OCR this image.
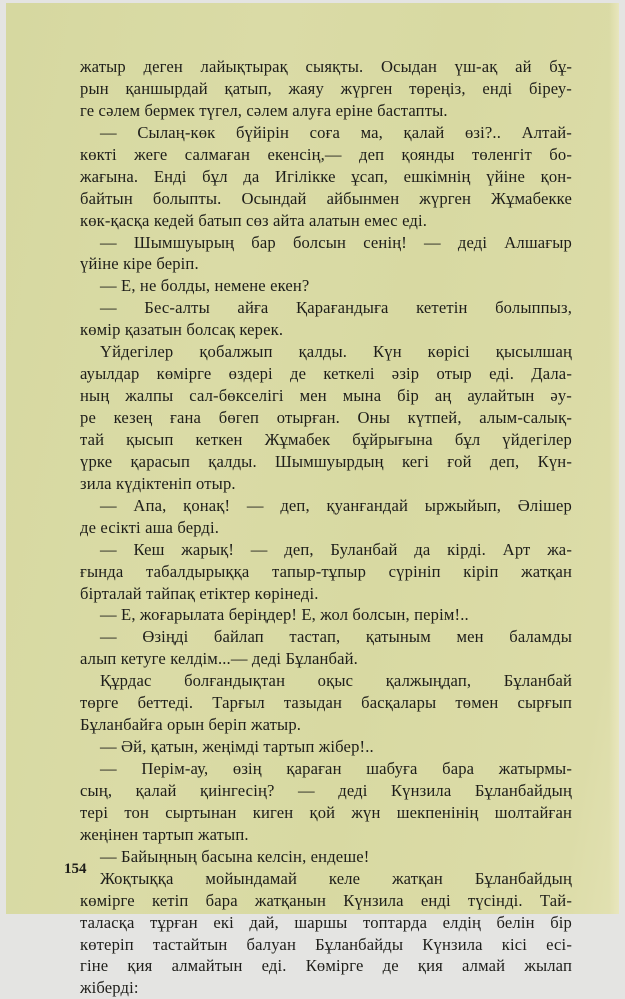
жатыр деген лайықтырақ сыяқты. Осыдан үш-ақ ай бұ-
рын қаншырдай қатып, жаяу жүрген төреңіз, енді біреу-
ге сәлем бермек түгел, сәлем алуға еріне бастапты.
— Сылаң-көк бүйірін соға ма, қалай өзі?.. Алтай-
көкті жеге салмаған екенсің,— деп қоянды төленгіт бо-
жағына. Енді бұл да Игілікке ұсап, ешкімнің үйіне қон-
байтын болыпты. Осындай айбынмен жүрген Жұмабекке
көк-қасқа кедей батып сөз айта алатын емес еді.
— Шымшуырың бар болсын сенің! — деді Алшағыр
үйіне кіре беріп.
— Е, не болды, немене екен?
— Бес-алты айға Қарағандыға кететін болыппыз,
көмір қазатын болсақ керек.
Үйдегілер қобалжып қалды. Күн көрісі қысылшаң
ауылдар көмірге өздері де кеткелі әзір отыр еді. Дала-
ның жалпы сал-бөкселігі мен мына бір аң аулайтын әу-
ре кезең ғана бөгеп отырған. Оны күтпей, алым-салық-
тай қысып кеткен Жұмабек бұйрығына бұл үйдегілер
үрке қарасып қалды. Шымшуырдың кегі ғой деп, Күн-
зила күдіктеніп отыр.
— Апа, қонақ! — деп, қуанғандай ыржыйып, Әлішер
де есікті аша берді.
— Кеш жарық! — деп, Буланбай да кірді. Арт жа-
ғында табалдырыққа тапыр-тұпыр сүрініп кіріп жатқан
бірталай тайпақ етіктер көрінеді.
— Е, жоғарылата беріңдер! Е, жол болсын, перім!..
— Өзіңді байлап тастап, қатыным мен баламды
алып кетуге келдім...— деді Бұланбай.
Құрдас болғандықтан оқыс қалжыңдап, Бұланбай
төрге беттеді. Тарғыл тазыдан басқалары төмен сырғып
Бұланбайға орын беріп жатыр.
— Әй, қатын, жеңімді тартып жібер!..
— Перім-ау, өзің қараған шабуға бара жатырмы-
сың, қалай қиінгесің? — деді Күнзила Бұланбайдың
тері тон сыртынан киген қой жүн шекпенінің шолтайған
жеңінен тартып жатып.
— Байыңның басына келсін, ендеше!
Жоқтыққа мойындамай келе жатқан Бұланбайдың
көмірге кетіп бара жатқанын Күнзила енді түсінді. Тай-
таласқа тұрған екі дай, шаршы топтарда елдің белін бір
көтеріп тастайтын балуан Бұланбайды Күнзила кісі есі-
гіне қия алмайтын еді. Көмірге де қия алмай жылап
жіберді:
154
